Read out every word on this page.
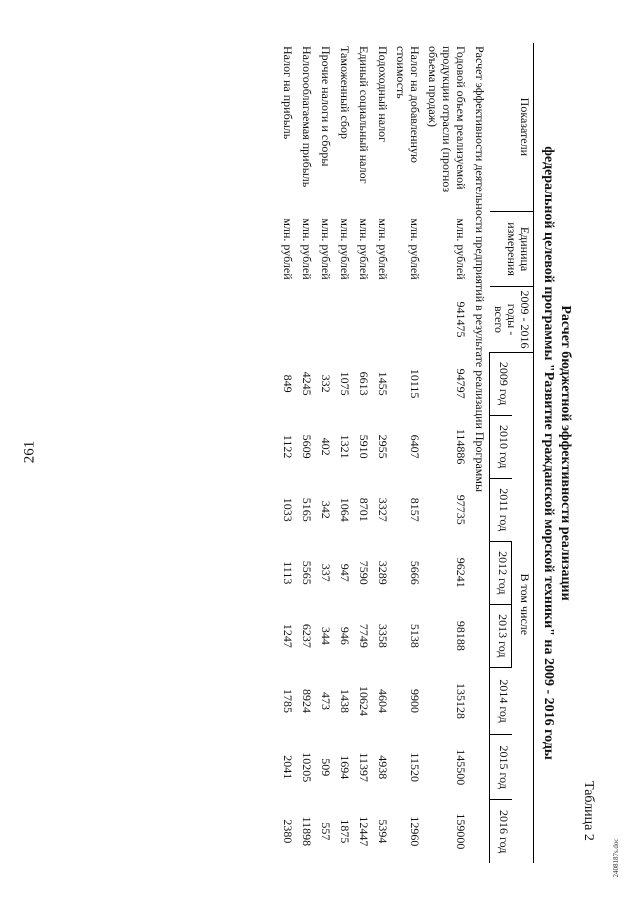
261
Таблица 2
Расчет бюджетной эффективности реализации
федеральной целевой программы "Развитие гражданской морской техники" на 2009 - 2016 годы
Показатели	Единица измерения	2009 - 2016 годы - всего				В том числе				
			2009 год	2010 год	2011 год	2012 год	2013 год	2014 год	2015 год	2016 год
Расчет эффективности деятельности предприятий в результате реализации Программы										
Годовой объем реализуемой продукции отрасли (прогноз объема продаж)	млн. рублей	941475	94797	114886	97735	96241	98188	135128	145500	159000
Налог на добавленную стоимость	млн. рублей		10115	6407	8157	5666	5138	9900	11520	12960
Подоходный налог	млн. рублей		1455	2955	3327	3289	3358	4604	4938	5394
Единый социальный налог	млн. рублей		6613	5910	8701	7590	7749	10624	11397	12447
Таможенный сбор	млн. рублей		1075	1321	1064	947	946	1438	1694	1875
Прочие налоги и сборы	млн. рублей		332	402	342	337	344	473	509	557
Налогооблагаемая прибыль	млн. рублей		4245	5609	5165	5565	6237	8924	10205	11898
Налог на прибыль	млн. рублей		849	1122	1033	1113	1247	1785	2041	2380
2408187s.doc
